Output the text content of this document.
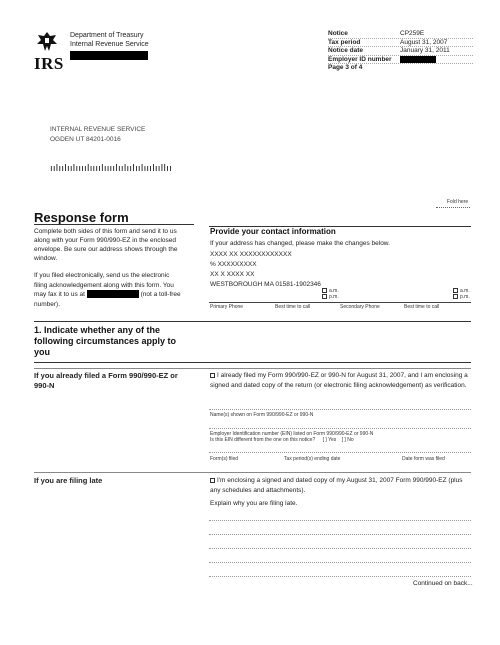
IRS
Department of Treasury
Internal Revenue Service
Notice	CP259E
Tax period	August 31, 2007
Notice date	January 31, 2011
Employer ID number
Page 3 of 4
INTERNAL REVENUE SERVICE
OGDEN UT 84201-0016
ıılıılıılıııılıııılıııılıılıılıılııılııllıı
Fold here
Response form
Complete both sides of this form and send it to us along with your Form 990/990-EZ in the enclosed envelope. Be sure our address shows through the window.
If you filed electronically, send us the electronic filing acknowledgement along with this form. You may fax it to us at	(not a toll-free number).
Provide your contact information
If your address has changed, please make the changes below.
XXXX XX XXXXXXXXXXXX
% XXXXXXXXX
XX X XXXX XX
WESTBOROUGH MA 01581-1902346
a.m.
p.m.
a.m.
p.m.
Primary Phone	Best time to call	Secondary Phone	Best time to call
1. Indicate whether any of the following circumstances apply to you
If you already filed a Form 990/990-EZ or 990-N
I already filed my Form 990/990-EZ or 990-N for August 31, 2007, and I am enclosing a signed and dated copy of the return (or electronic filing acknowledgement) as verification.
Name(s) shown on Form 990/990-EZ or 990-N
Employer Identification number (EIN) listed on Form 990/990-EZ or 990-N
Is this EIN different from the one on this notice? [ ] Yes [ ] No
Form(s) filed	Tax period(s) ending date	Date form was filed
If you are filing late	I'm enclosing a signed and dated copy of my August 31, 2007 Form 990/990-EZ (plus any schedules and attachments).
Explain why you are filing late.
Continued on back...
